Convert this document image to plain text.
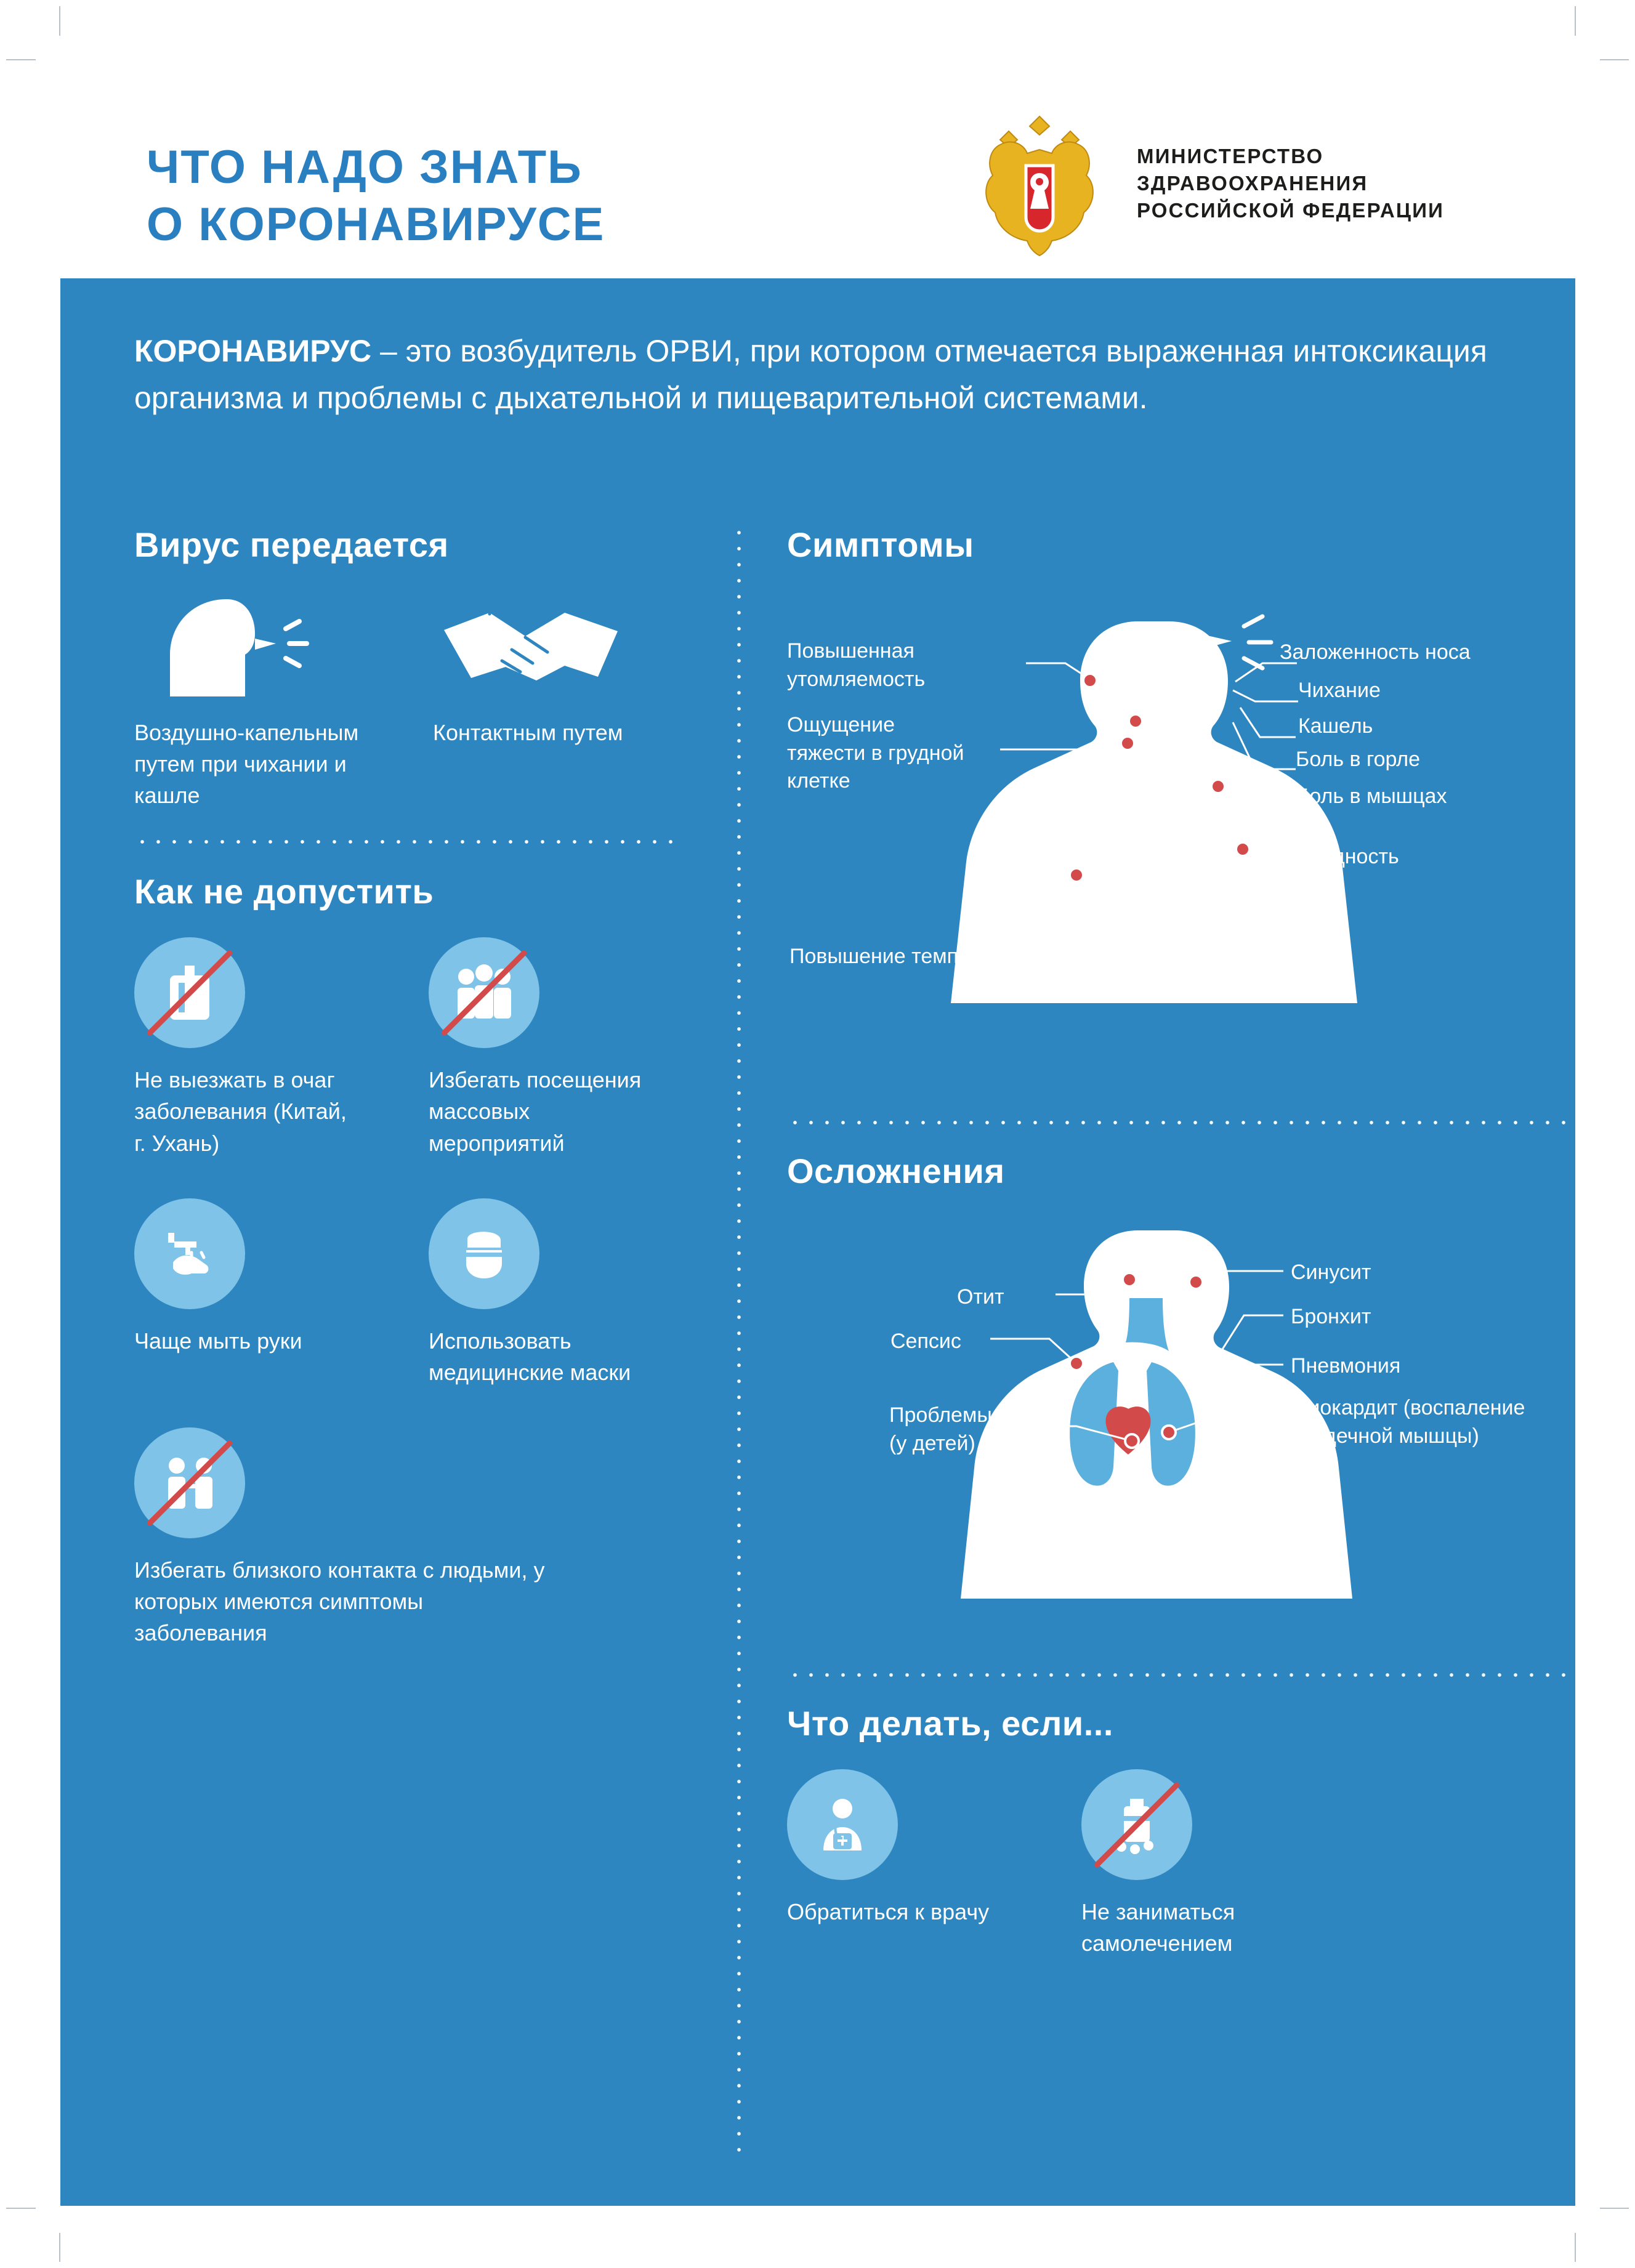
ЧТО НАДО ЗНАТЬ
О КОРОНАВИРУСЕ
МИНИСТЕРСТВО
ЗДРАВООХРАНЕНИЯ
РОССИЙСКОЙ ФЕДЕРАЦИИ
КОРОНАВИРУС – это возбудитель ОРВИ, при котором отмечается выраженная интоксикация организма и проблемы с дыхательной и пищеварительной системами.
Вирус передается
Воздушно-капельным путем при чихании и кашле
Контактным путем
Как не допустить
Не выезжать в очаг заболевания (Китай, г. Ухань)
Избегать посещения массовых мероприятий
Чаще мыть руки	Использовать медицинские маски
Избегать близкого контакта с людьми, у которых имеются симптомы заболевания
Симптомы
Повышенная утомляемость
Ощущение тяжести в грудной клетке
Заложенность носа
Чихание
Кашель
Боль в горле
Боль в мышцах
Бледность
Повышение температуры, озноб
Осложнения
Отит
Сепсис
Проблемы с ЖКТ (у детей)
Синусит
Бронхит
Пневмония
Миокардит (воспаление сердечной мышцы)
Что делать, если...
Обратиться к врачу	Не заниматься самолечением
